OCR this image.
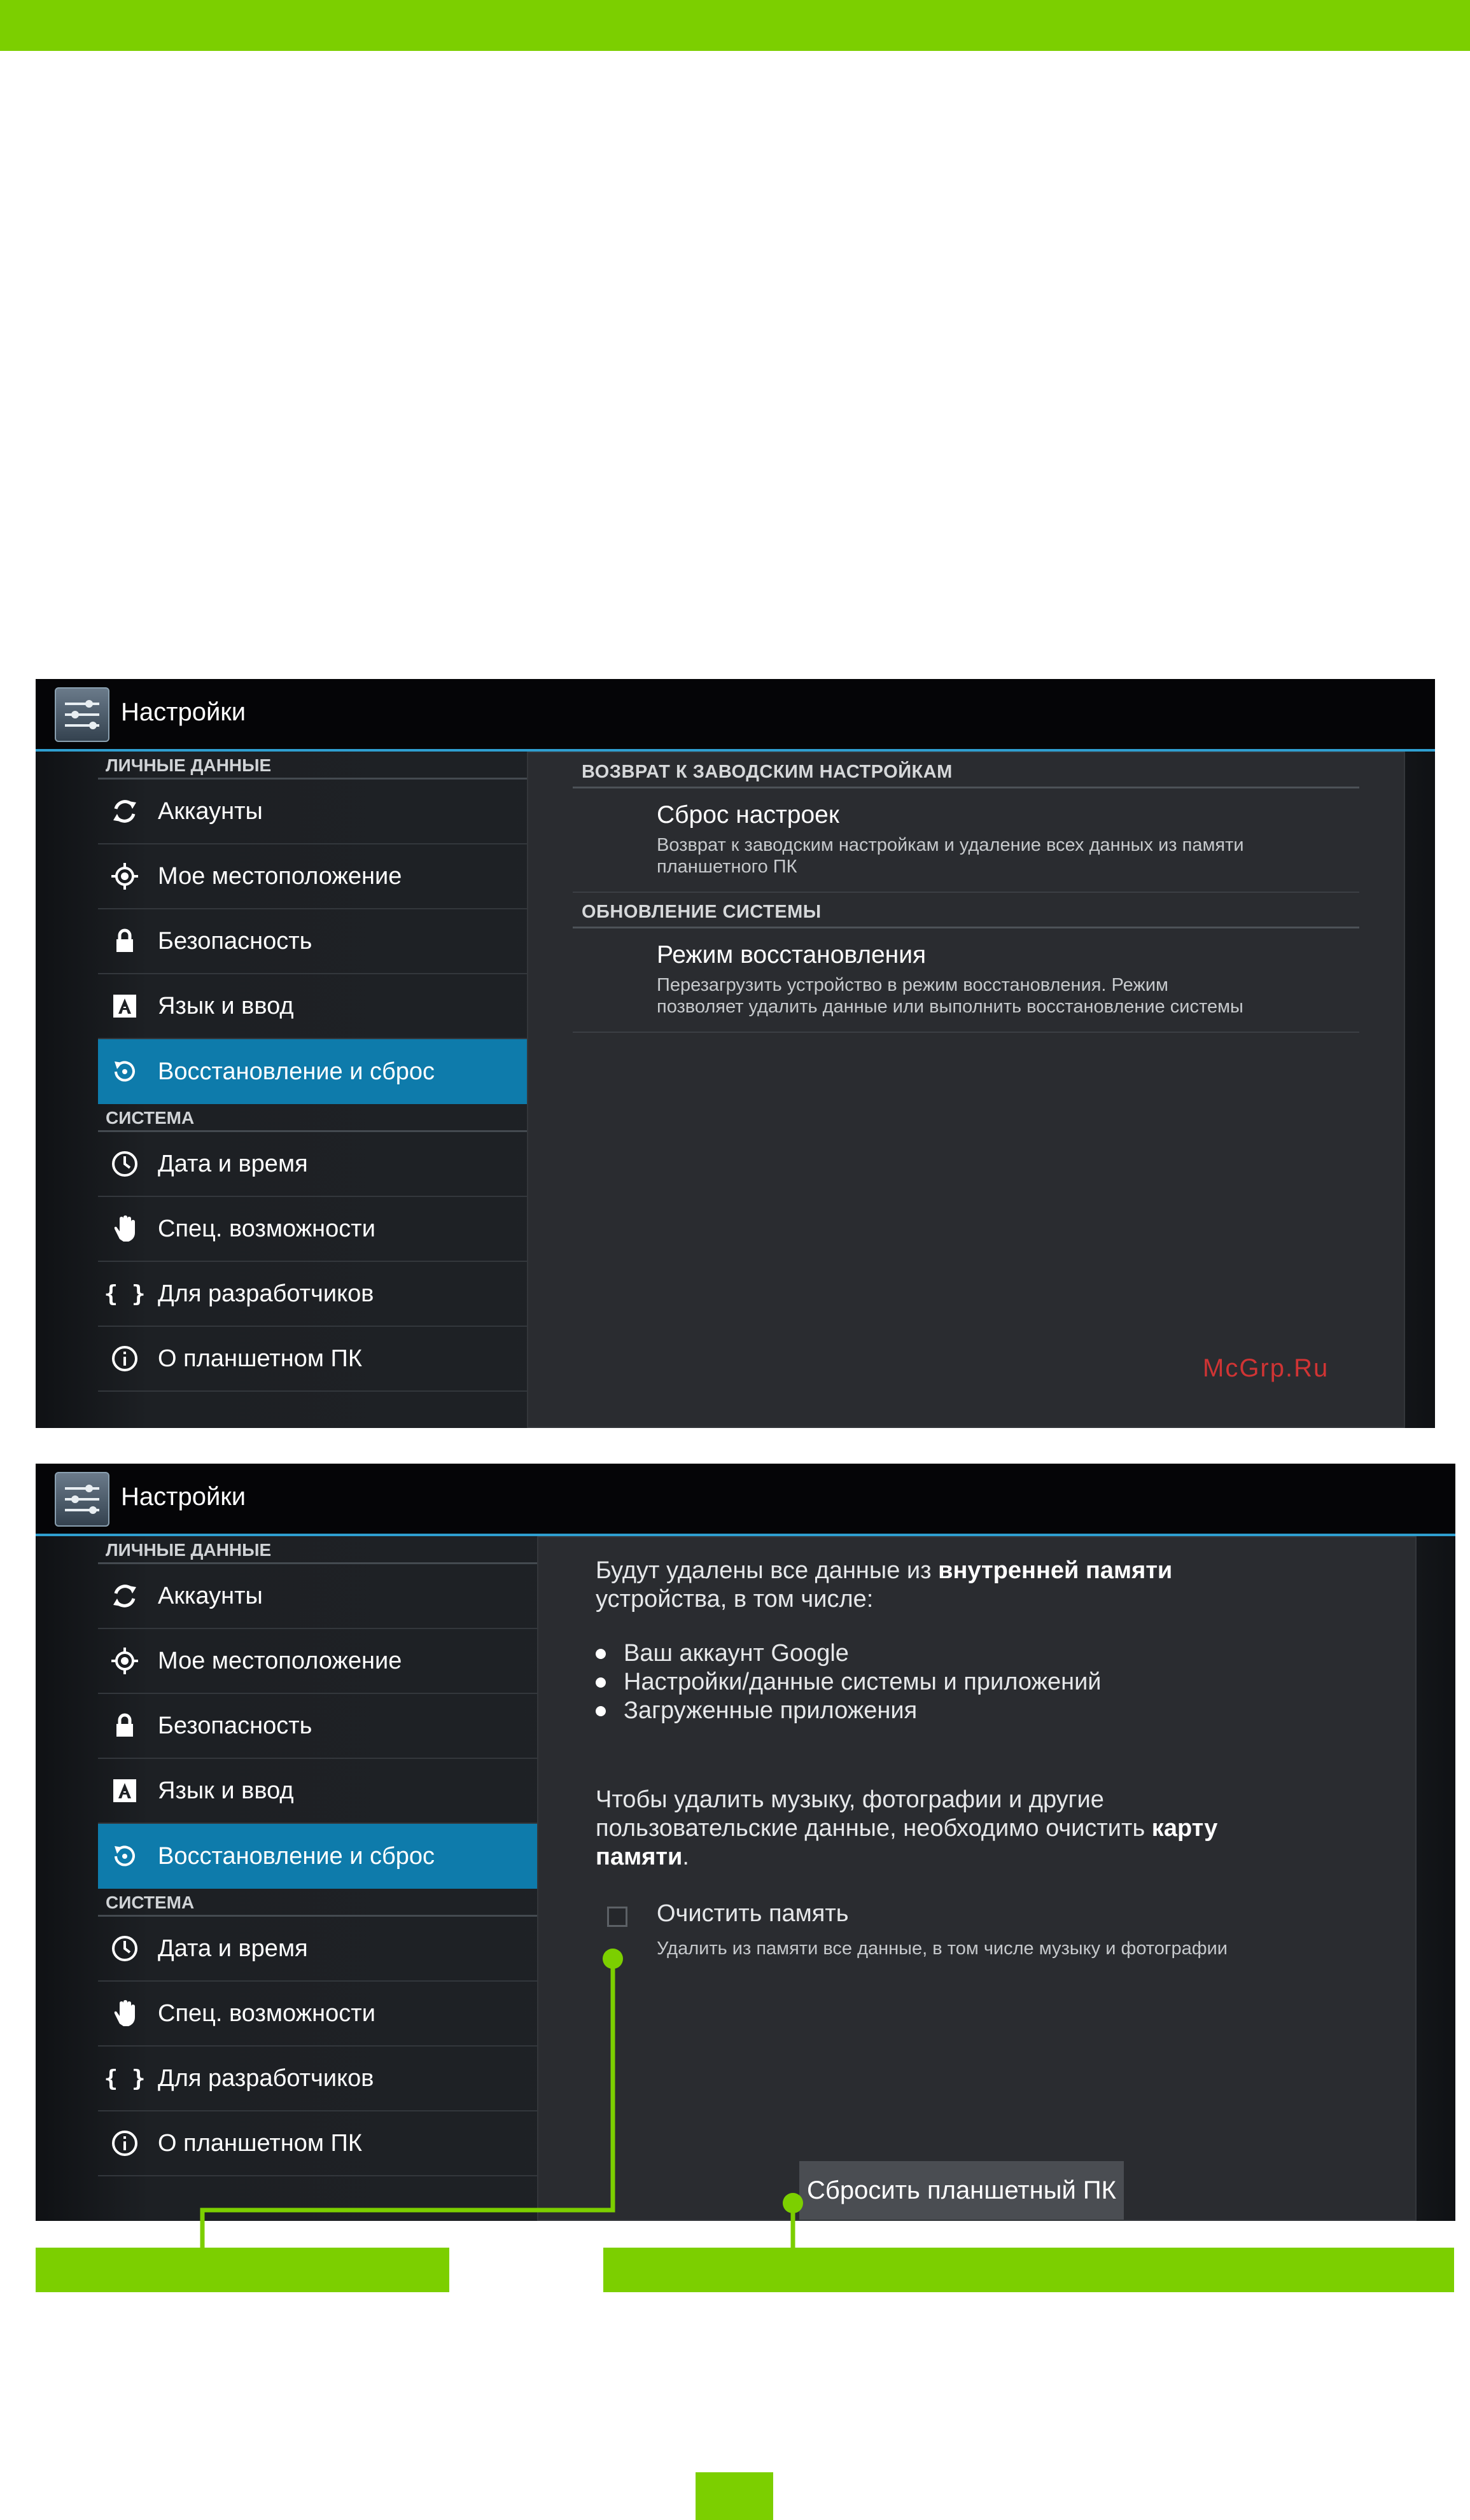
Настройки
ЛИЧНЫЕ ДАННЫЕ
Аккаунты
Мое местоположение
Безопасность
Язык и ввод
Восстановление и сброс
СИСТЕМА
Дата и время
Спец. возможности
{ } Для разработчиков
О планшетном ПК
ВОЗВРАТ К ЗАВОДСКИМ НАСТРОЙКАМ
Сброс настроек
Возврат к заводским настройкам и удаление всех данных из памяти
планшетного ПК
ОБНОВЛЕНИЕ СИСТЕМЫ
Режим восстановления
Перезагрузить устройство в режим восстановления. Режим
позволяет удалить данные или выполнить восстановление системы
McGrp.Ru
Настройки
ЛИЧНЫЕ ДАННЫЕ
Аккаунты
Мое местоположение
Безопасность
Язык и ввод
Восстановление и сброс
СИСТЕМА
Дата и время
Спец. возможности
{ } Для разработчиков
О планшетном ПК
Будут удалены все данные из внутренней памяти
устройства, в том числе:
Ваш аккаунт Google
Настройки/данные системы и приложений
Загруженные приложения
Чтобы удалить музыку, фотографии и другие
пользовательские данные, необходимо очистить карту
памяти.
Очистить память
Удалить из памяти все данные, в том числе музыку и фотографии
Сбросить планшетный ПК
